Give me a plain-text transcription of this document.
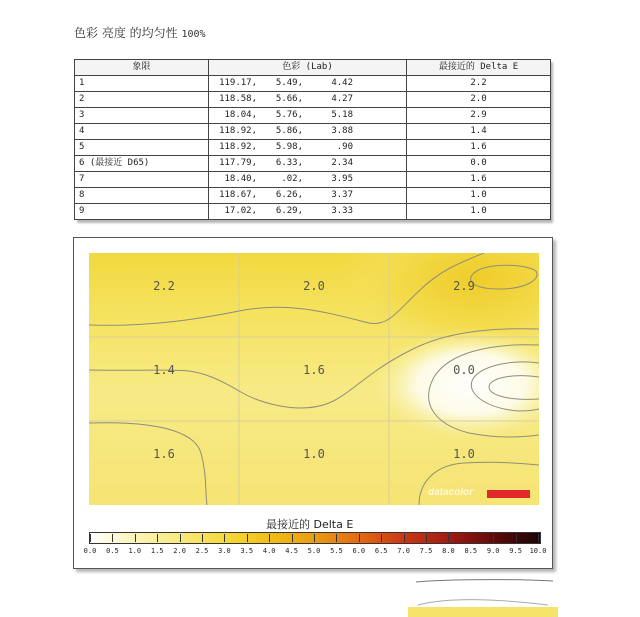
色彩 亮度 的均匀性 100%
象限	色彩 (Lab)	最接近的 Delta E
1	119.17, 5.49, 4.42	2.2
2	118.58, 5.66, 4.27	2.0
3	18.04, 5.76, 5.18	2.9
4	118.92, 5.86, 3.88	1.4
5	118.92, 5.98, .90	1.6
6 (最接近 D65)	117.79, 6.33, 2.34	0.0
7	18.40, .02, 3.95	1.6
8	118.67, 6.26, 3.37	1.0
9	17.02, 6.29, 3.33	1.0
2.2	2.0	2.9
1.4	1.6	0.0
1.6	1.0	1.0
datacolor
最接近的 Delta E
0.0 0.5 1.0 1.5 2.0 2.5 3.0 3.5 4.0 4.5 5.0 5.5 6.0 6.5 7.0 7.5 8.0 8.5 9.0 9.5 10.0
